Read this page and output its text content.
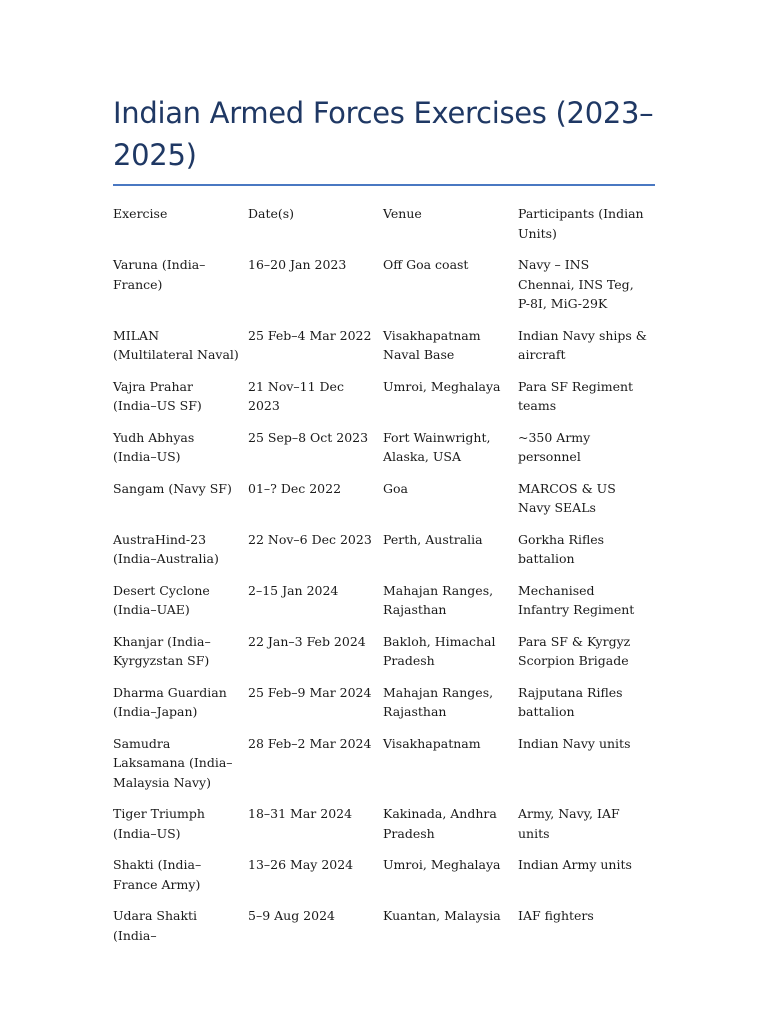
Indian Armed Forces Exercises (2023–2025)
Exercise	Date(s)	Venue	Participants (Indian Units)
Varuna (India–France)	16–20 Jan 2023	Off Goa coast	Navy – INS Chennai, INS Teg, P-8I, MiG-29K
MILAN (Multilateral Naval)	25 Feb–4 Mar 2022	Visakhapatnam Naval Base	Indian Navy ships & aircraft
Vajra Prahar (India–US SF)	21 Nov–11 Dec 2023	Umroi, Meghalaya	Para SF Regiment teams
Yudh Abhyas (India–US)	25 Sep–8 Oct 2023	Fort Wainwright, Alaska, USA	~350 Army personnel
Sangam (Navy SF)	01–? Dec 2022	Goa	MARCOS & US Navy SEALs
AustraHind-23 (India–Australia)	22 Nov–6 Dec 2023	Perth, Australia	Gorkha Rifles battalion
Desert Cyclone (India–UAE)	2–15 Jan 2024	Mahajan Ranges, Rajasthan	Mechanised Infantry Regiment
Khanjar (India–Kyrgyzstan SF)	22 Jan–3 Feb 2024	Bakloh, Himachal Pradesh	Para SF & Kyrgyz Scorpion Brigade
Dharma Guardian (India–Japan)	25 Feb–9 Mar 2024	Mahajan Ranges, Rajasthan	Rajputana Rifles battalion
Samudra Laksamana (India–Malaysia Navy)	28 Feb–2 Mar 2024	Visakhapatnam	Indian Navy units
Tiger Triumph (India–US)	18–31 Mar 2024	Kakinada, Andhra Pradesh	Army, Navy, IAF units
Shakti (India–France Army)	13–26 May 2024	Umroi, Meghalaya	Indian Army units
Udara Shakti (India–	5–9 Aug 2024	Kuantan, Malaysia	IAF fighters
